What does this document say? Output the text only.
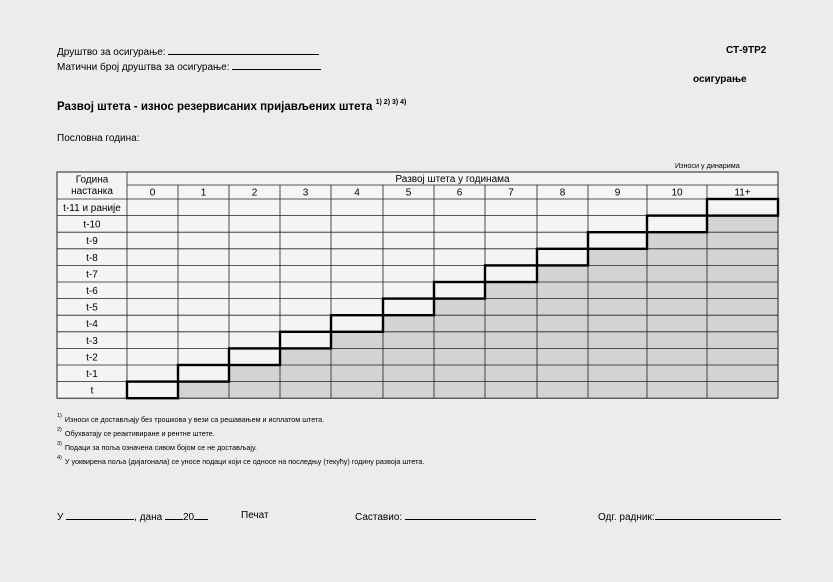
Друштво за осигурање:
Матични број друштва за осигурање:
СТ-9ТР2
осигурање
Развој штета - износ резервисаних пријављених штета $^{1) 2) 3) 4)}$
Пословна година:
Износи у динарима
Година
настанка
Развој штета у годинама
0	1	2	3	4	5	6	7	8	9	10	11+
t-11 и раније
t-10
t-9
t-8
t-7
t-6
t-5
t-4
t-3
t-2
t-1
t
$^{1)}$ Износи се достављају без трошкова у вези са решавањем и исплатом штета.
$^{2)}$ Обухватају се реактивиране и рентне штете.
$^{3)}$ Подаци за поља означена сивом бојом се не достављају.
$^{4)}$ У уоквирена поља (дијагонала) се уносе подаци који се односе на последњу (текућу) годину развоја штета.
У	, дана 20	Печат	Саставио:	Одг. радник:
